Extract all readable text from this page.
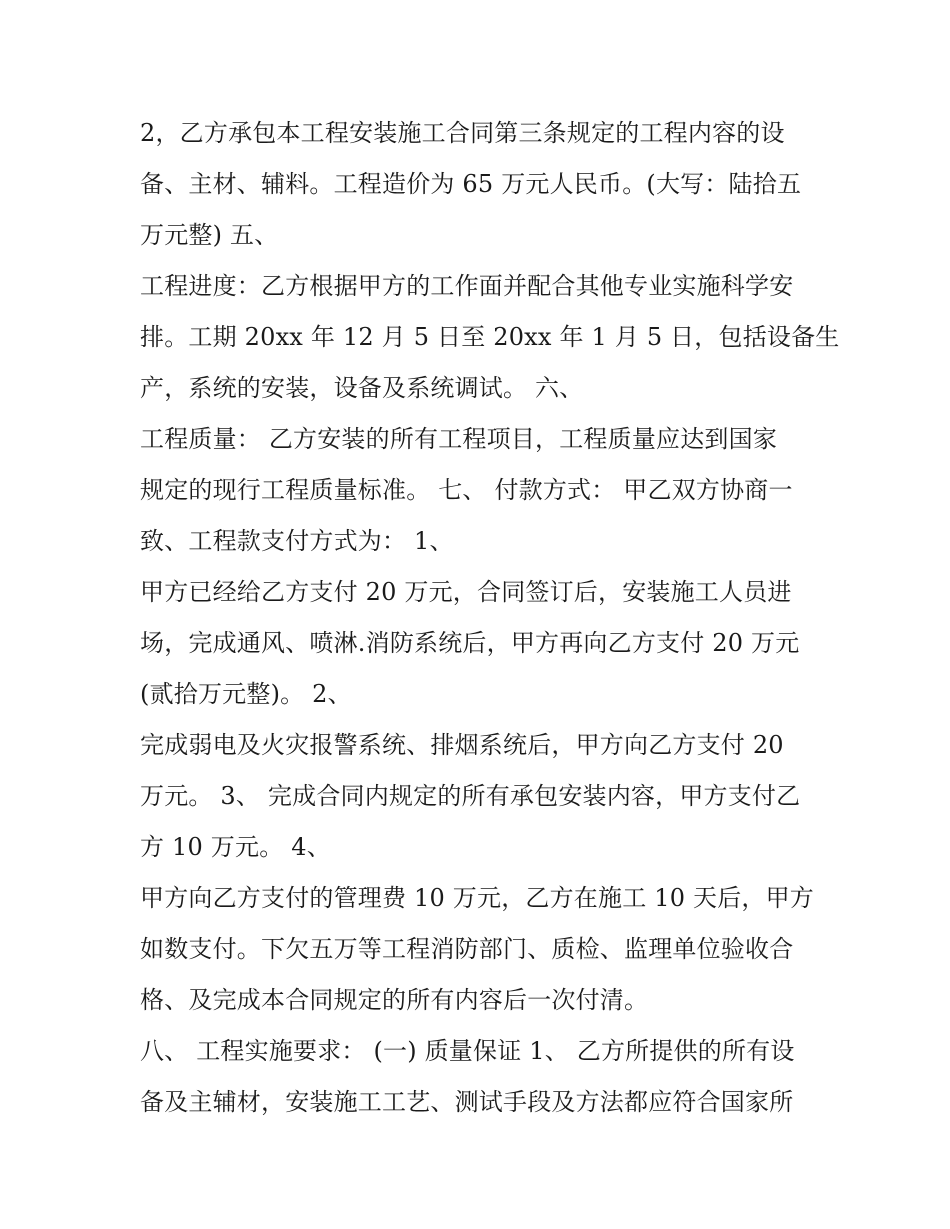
2，乙方承包本工程安装施工合同第三条规定的工程内容的设
备、主材、辅料。工程造价为 65 万元人民币。(大写：陆拾五
万元整) 五、
工程进度：乙方根据甲方的工作面并配合其他专业实施科学安
排。工期 20xx 年 12 月 5 日至 20xx 年 1 月 5 日，包括设备生
产，系统的安装，设备及系统调试。 六、
工程质量： 乙方安装的所有工程项目，工程质量应达到国家
规定的现行工程质量标准。 七、 付款方式： 甲乙双方协商一
致、工程款支付方式为： 1、
甲方已经给乙方支付 20 万元，合同签订后，安装施工人员进
场，完成通风、喷淋.消防系统后，甲方再向乙方支付 20 万元
(贰拾万元整)。 2、
完成弱电及火灾报警系统、排烟系统后，甲方向乙方支付 20
万元。 3、 完成合同内规定的所有承包安装内容，甲方支付乙
方 10 万元。 4、
甲方向乙方支付的管理费 10 万元，乙方在施工 10 天后，甲方
如数支付。下欠五万等工程消防部门、质检、监理单位验收合
格、及完成本合同规定的所有内容后一次付清。
八、 工程实施要求： (一) 质量保证 1、 乙方所提供的所有设
备及主辅材，安装施工工艺、测试手段及方法都应符合国家所
